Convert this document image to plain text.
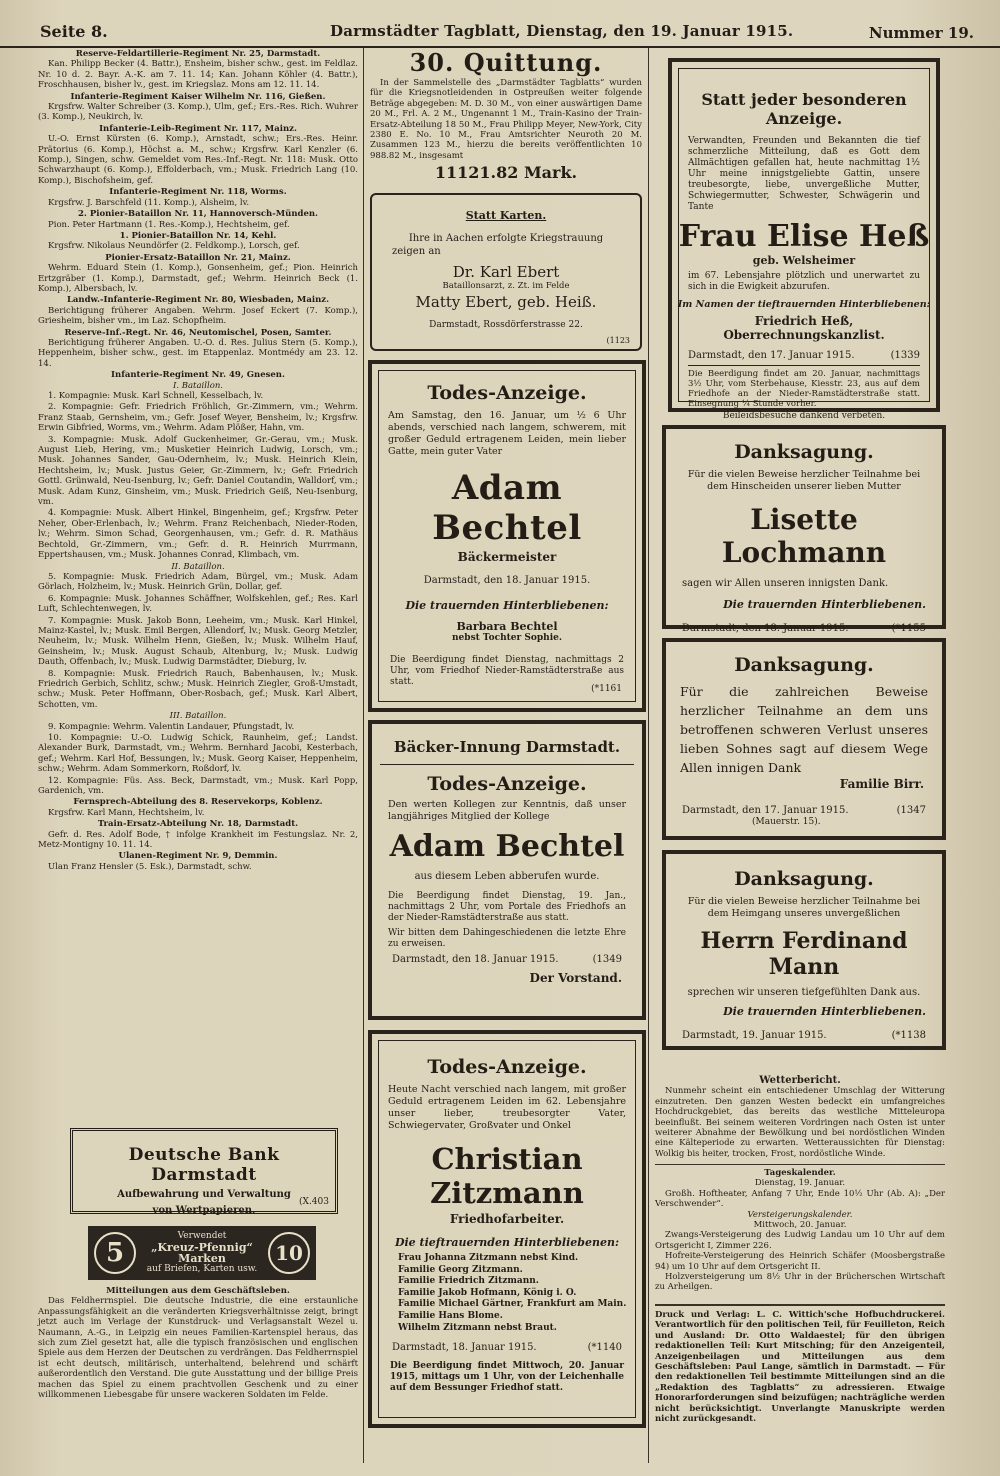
Seite 8.	Darmstädter Tagblatt, Dienstag, den 19. Januar 1915.	Nummer 19.
Reserve-Feldartillerie-Regiment Nr. 25, Darmstadt.

Kan. Philipp Becker (4. Battr.), Ensheim, bisher schw., gest. im Feldlaz. Nr. 10 d. 2. Bayr. A.-K. am 7. 11. 14; Kan. Johann Köhler (4. Battr.), Froschhausen, bisher lv., gest. im Kriegslaz. Mons am 12. 11. 14.

Infanterie-Regiment Kaiser Wilhelm Nr. 116, Gießen.

Krgsfrw. Walter Schreiber (3. Komp.), Ulm, gef.; Ers.-Res. Rich. Wuhrer (3. Komp.), Neukirch, lv.

Infanterie-Leib-Regiment Nr. 117, Mainz.

U.-O. Ernst Kürsten (6. Komp.), Arnstadt, schw.; Ers.-Res. Heinr. Prätorius (6. Komp.), Höchst a. M., schw.; Krgsfrw. Karl Kenzler (6. Komp.), Singen, schw. Gemeldet vom Res.-Inf.-Regt. Nr. 118: Musk. Otto Schwarzhaupt (6. Komp.), Effolderbach, vm.; Musk. Friedrich Lang (10. Komp.), Bischofsheim, gef.

Infanterie-Regiment Nr. 118, Worms.

Krgsfrw. J. Barschfeld (11. Komp.), Alsheim, lv.

2. Pionier-Bataillon Nr. 11, Hannoversch-Münden.

Pion. Peter Hartmann (1. Res.-Komp.), Hechtsheim, gef.

1. Pionier-Bataillon Nr. 14, Kehl.

Krgsfrw. Nikolaus Neundörfer (2. Feldkomp.), Lorsch, gef.

Pionier-Ersatz-Bataillon Nr. 21, Mainz.

Wehrm. Eduard Stein (1. Komp.), Gonsenheim, gef.; Pion. Heinrich Ertzgräber (1. Komp.), Darmstadt, gef.; Wehrm. Heinrich Beck (1. Komp.), Albersbach, lv.

Landw.-Infanterie-Regiment Nr. 80, Wiesbaden, Mainz.

Berichtigung früherer Angaben. Wehrm. Josef Eckert (7. Komp.), Griesheim, bisher vm., im Laz. Schopfheim.

Reserve-Inf.-Regt. Nr. 46, Neutomischel, Posen, Samter.

Berichtigung früherer Angaben. U.-O. d. Res. Julius Stern (5. Komp.), Heppenheim, bisher schw., gest. im Etappenlaz. Montmédy am 23. 12. 14.

Infanterie-Regiment Nr. 49, Gnesen.
I. Bataillon.

1. Kompagnie: Musk. Karl Schnell, Kesselbach, lv.

2. Kompagnie: Gefr. Friedrich Fröhlich, Gr.-Zimmern, vm.; Wehrm. Franz Staab, Gernsheim, vm.; Gefr. Josef Weyer, Bensheim, lv.; Krgsfrw. Erwin Gibfried, Worms, vm.; Wehrm. Adam Plößer, Hahn, vm.

3. Kompagnie: Musk. Adolf Guckenheimer, Gr.-Gerau, vm.; Musk. August Lieb, Hering, vm.; Musketier Heinrich Ludwig, Lorsch, vm.; Musk. Johannes Sander, Gau-Odernheim, lv.; Musk. Heinrich Klein, Hechtsheim, lv.; Musk. Justus Geier, Gr.-Zimmern, lv.; Gefr. Friedrich Gottl. Grünwald, Neu-Isenburg, lv.; Gefr. Daniel Coutandin, Walldorf, vm.; Musk. Adam Kunz, Ginsheim, vm.; Musk. Friedrich Geiß, Neu-Isenburg, vm.

4. Kompagnie: Musk. Albert Hinkel, Bingenheim, gef.; Krgsfrw. Peter Neher, Ober-Erlenbach, lv.; Wehrm. Franz Reichenbach, Nieder-Roden, lv.; Wehrm. Simon Schad, Georgenhausen, vm.; Gefr. d. R. Mathäus Bechtold, Gr.-Zimmern, vm.; Gefr. d. R. Heinrich Murrmann, Eppertshausen, vm.; Musk. Johannes Conrad, Klimbach, vm.

II. Bataillon.

5. Kompagnie: Musk. Friedrich Adam, Bürgel, vm.; Musk. Adam Görlach, Holzheim, lv.; Musk. Heinrich Grün, Dollar, gef.

6. Kompagnie: Musk. Johannes Schäffner, Wolfskehlen, gef.; Res. Karl Luft, Schlechtenwegen, lv.

7. Kompagnie: Musk. Jakob Bonn, Leeheim, vm.; Musk. Karl Hinkel, Mainz-Kastel, lv.; Musk. Emil Bergen, Allendorf, lv.; Musk. Georg Metzler, Neuheim, lv.; Musk. Wilhelm Henn, Gießen, lv.; Musk. Wilhelm Hauf, Geinsheim, lv.; Musk. August Schaub, Altenburg, lv.; Musk. Ludwig Dauth, Offenbach, lv.; Musk. Ludwig Darmstädter, Dieburg, lv.

8. Kompagnie: Musk. Friedrich Rauch, Babenhausen, lv.; Musk. Friedrich Gerbich, Schlitz, schw.; Musk. Heinrich Ziegler, Groß-Umstadt, schw.; Musk. Peter Hoffmann, Ober-Rosbach, gef.; Musk. Karl Albert, Schotten, vm.

III. Bataillon.

9. Kompagnie: Wehrm. Valentin Landauer, Pfungstadt, lv.

10. Kompagnie: U.-O. Ludwig Schick, Raunheim, gef.; Landst. Alexander Burk, Darmstadt, vm.; Wehrm. Bernhard Jacobi, Kesterbach, gef.; Wehrm. Karl Hof, Bessungen, lv.; Musk. Georg Kaiser, Heppenheim, schw.; Wehrm. Adam Sommerkorn, Roßdorf, lv.

12. Kompagnie: Füs. Ass. Beck, Darmstadt, vm.; Musk. Karl Popp, Gardenich, vm.

Fernsprech-Abteilung des 8. Reservekorps, Koblenz.

Krgsfrw. Karl Mann, Hechtsheim, lv.

Train-Ersatz-Abteilung Nr. 18, Darmstadt.

Gefr. d. Res. Adolf Bode, † infolge Krankheit im Festungslaz. Nr. 2, Metz-Montigny 10. 11. 14.

Ulanen-Regiment Nr. 9, Demmin.

Ulan Franz Hensler (5. Esk.), Darmstadt, schw.

Deutsche Bank Darmstadt
Aufbewahrung und Verwaltung
von Wertpapieren.
(X.403
5
Verwendet
„Kreuz-Pfennig“
Marken
auf Briefen, Karten usw.
10
Mitteilungen aus dem Geschäftsleben.
Das Feldherrnspiel. Die deutsche Industrie, die eine erstaunliche Anpassungsfähigkeit an die veränderten Kriegsverhältnisse zeigt, bringt jetzt auch im Verlage der Kunstdruck- und Verlagsanstalt Wezel u. Naumann, A.-G., in Leipzig ein neues Familien-Kartenspiel heraus, das sich zum Ziel gesetzt hat, alle die typisch französischen und englischen Spiele aus dem Herzen der Deutschen zu verdrängen. Das Feldherrnspiel ist echt deutsch, militärisch, unterhaltend, belehrend und schärft außerordentlich den Verstand. Die gute Ausstattung und der billige Preis machen das Spiel zu einem prachtvollen Geschenk und zu einer willkommenen Liebesgabe für unsere wackeren Soldaten im Felde.
30. Quittung.

In der Sammelstelle des „Darmstädter Tagblatts“ wurden für die Kriegsnotleidenden in Ostpreußen weiter folgende Beträge abgegeben: M. D. 30 M., von einer auswärtigen Dame 20 M., Frl. A. 2 M., Ungenannt 1 M., Train-Kasino der Train-Ersatz-Abteilung 18 50 M., Frau Philipp Meyer, New-York, City 2380 E. No. 10 M., Frau Amtsrichter Neuroth 20 M. Zusammen 123 M., hierzu die bereits veröffentlichten 10 988.82 M., insgesamt

11121.82 Mark.
Statt Karten.
Ihre in Aachen erfolgte Kriegstrauung
zeigen an
Dr. Karl Ebert
Bataillonsarzt, z. Zt. im Felde
Matty Ebert, geb. Heiß.
Darmstadt, Rossdörferstrasse 22.
(1123
Todes-Anzeige.
Am Samstag, den 16. Januar, um ½ 6 Uhr abends, verschied nach langem, schwerem, mit großer Geduld ertragenem Leiden, mein lieber Gatte, mein guter Vater
Adam Bechtel
Bäckermeister
Darmstadt, den 18. Januar 1915.
Die trauernden Hinterbliebenen:
Barbara Bechtel
nebst Tochter Sophie.
Die Beerdigung findet Dienstag, nachmittags 2 Uhr, vom Friedhof Nieder-Ramstädterstraße aus statt.
(*1161
Bäcker-Innung Darmstadt.
Todes-Anzeige.
Den werten Kollegen zur Kenntnis, daß unser langjähriges Mitglied der Kollege
Adam Bechtel
aus diesem Leben abberufen wurde.
Die Beerdigung findet Dienstag, 19. Jan., nachmittags 2 Uhr, vom Portale des Friedhofs an der Nieder-Ramstädterstraße aus statt.
Wir bitten dem Dahingeschiedenen die letzte Ehre zu erweisen.
Darmstadt, den 18. Januar 1915.	(1349
Der Vorstand.
Todes-Anzeige.
Heute Nacht verschied nach langem, mit großer Geduld ertragenem Leiden im 62. Lebensjahre unser lieber, treubesorgter Vater, Schwiegervater, Großvater und Onkel
Christian Zitzmann
Friedhofarbeiter.
Die tieftrauernden Hinterbliebenen:
Frau Johanna Zitzmann nebst Kind.
Familie Georg Zitzmann.
Familie Friedrich Zitzmann.
Familie Jakob Hofmann, König i. O.
Familie Michael Gärtner, Frankfurt am Main.
Familie Hans Blome.
Wilhelm Zitzmann nebst Braut.
Darmstadt, 18. Januar 1915.	(*1140
Die Beerdigung findet Mittwoch, 20. Januar 1915, mittags um 1 Uhr, von der Leichenhalle auf dem Bessunger Friedhof statt.
Statt jeder besonderen Anzeige.
Verwandten, Freunden und Bekannten die tief schmerzliche Mitteilung, daß es Gott dem Allmächtigen gefallen hat, heute nachmittag 1½ Uhr meine innigstgeliebte Gattin, unsere treubesorgte, liebe, unvergeßliche Mutter, Schwiegermutter, Schwester, Schwägerin und Tante
Frau Elise Heß
geb. Welsheimer
im 67. Lebensjahre plötzlich und unerwartet zu sich in die Ewigkeit abzurufen.
Im Namen der tieftrauernden Hinterbliebenen:
Friedrich Heß, Oberrechnungskanzlist.
Darmstadt, den 17. Januar 1915.	(1339
Die Beerdigung findet am 20. Januar, nachmittags 3½ Uhr, vom Sterbehause, Kiesstr. 23, aus auf dem Friedhofe an der Nieder-Ramstädterstraße statt. Einsegnung ¼ Stunde vorher.
Beileidsbesuche dankend verbeten.
Danksagung.
Für die vielen Beweise herzlicher Teilnahme bei dem Hinscheiden unserer lieben Mutter
Lisette Lochmann
sagen wir Allen unseren innigsten Dank.
Die trauernden Hinterbliebenen.
Darmstadt, den 18. Januar 1915.	(*1155
Danksagung.
Für die zahlreichen Beweise herzlicher Teilnahme an dem uns betroffenen schweren Verlust unseres lieben Sohnes sagt auf diesem Wege Allen innigen Dank
Familie Birr.
Darmstadt, den 17. Januar 1915.	(1347
(Mauerstr. 15).
Danksagung.
Für die vielen Beweise herzlicher Teilnahme bei dem Heimgang unseres unvergeßlichen
Herrn Ferdinand Mann
sprechen wir unseren tiefgefühlten Dank aus.
Die trauernden Hinterbliebenen.
Darmstadt, 19. Januar 1915.	(*1138
Wetterbericht.

Nunmehr scheint ein entschiedener Umschlag der Witterung einzutreten. Den ganzen Westen bedeckt ein umfangreiches Hochdruckgebiet, das bereits das westliche Mitteleuropa beeinflußt. Bei seinem weiteren Vordringen nach Osten ist unter weiterer Abnahme der Bewölkung und bei nordöstlichen Winden eine Kälteperiode zu erwarten. Wetteraussichten für Dienstag: Wolkig bis heiter, trocken, Frost, nordöstliche Winde.

Tageskalender.
Dienstag, 19. Januar.

Großh. Hoftheater, Anfang 7 Uhr, Ende 10½ Uhr (Ab. A): „Der Verschwender“.

Versteigerungskalender.
Mittwoch, 20. Januar.

Zwangs-Versteigerung des Ludwig Landau um 10 Uhr auf dem Ortsgericht I, Zimmer 226.

Hofreite-Versteigerung des Heinrich Schäfer (Moosbergstraße 94) um 10 Uhr auf dem Ortsgericht II.

Holzversteigerung um 8½ Uhr in der Brücherschen Wirtschaft zu Arheilgen.

Druck und Verlag: L. C. Wittich'sche Hofbuchdruckerei. Verantwortlich für den politischen Teil, für Feuilleton, Reich und Ausland: Dr. Otto Waldaestel; für den übrigen redaktionellen Teil: Kurt Mitsching; für den Anzeigenteil, Anzeigenbeilagen und Mitteilungen aus dem Geschäftsleben: Paul Lange, sämtlich in Darmstadt. — Für den redaktionellen Teil bestimmte Mitteilungen sind an die „Redaktion des Tagblatts“ zu adressieren. Etwaige Honorarforderungen sind beizufügen; nachträgliche werden nicht berücksichtigt. Unverlangte Manuskripte werden nicht zurückgesandt.
